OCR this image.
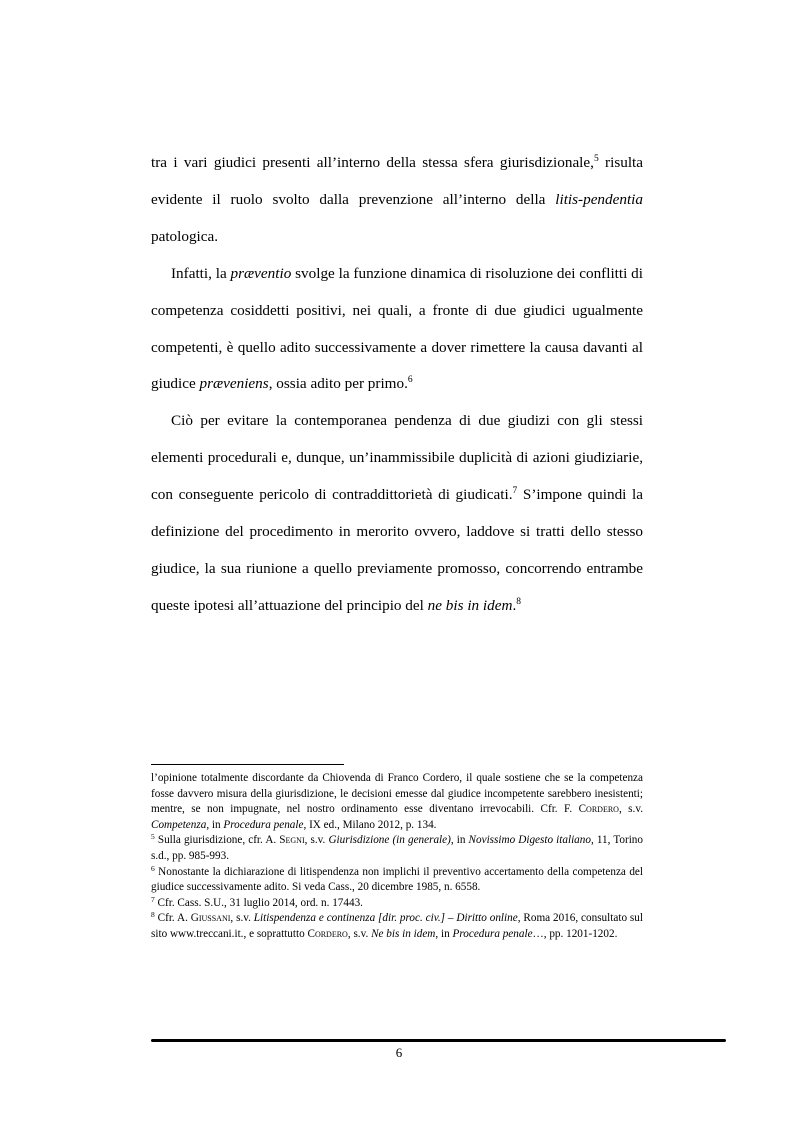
tra i vari giudici presenti all’interno della stessa sfera giurisdizionale,$^5$ risulta evidente il ruolo svolto dalla prevenzione all’interno della litis-pendentia patologica.

Infatti, la præventio svolge la funzione dinamica di risoluzione dei conflitti di competenza cosiddetti positivi, nei quali, a fronte di due giudici ugualmente competenti, è quello adito successivamente a dover rimettere la causa davanti al giudice præveniens, ossia adito per primo.$^6$

Ciò per evitare la contemporanea pendenza di due giudizi con gli stessi elementi procedurali e, dunque, un’inammissibile duplicità di azioni giudiziarie, con conseguente pericolo di contraddittorietà di giudicati.$^7$ S’impone quindi la definizione del procedimento in merorito ovvero, laddove si tratti dello stesso giudice, la sua riunione a quello previamente promosso, concorrendo entrambe queste ipotesi all’attuazione del principio del ne bis in idem.$^8$

l’opinione totalmente discordante da Chiovenda di Franco Cordero, il quale sostiene che se la competenza fosse davvero misura della giurisdizione, le decisioni emesse dal giudice incompetente sarebbero inesistenti; mentre, se non impugnate, nel nostro ordinamento esse diventano irrevocabili. Cfr. F. Cordero, s.v. Competenza, in Procedura penale, IX ed., Milano 2012, p. 134.

$^5$ Sulla giurisdizione, cfr. A. Segni, s.v. Giurisdizione (in generale), in Novissimo Digesto italiano, 11, Torino s.d., pp. 985-993.

$^6$ Nonostante la dichiarazione di litispendenza non implichi il preventivo accertamento della competenza del giudice successivamente adito. Si veda Cass., 20 dicembre 1985, n. 6558.

$^7$ Cfr. Cass. S.U., 31 luglio 2014, ord. n. 17443.

$^8$ Cfr. A. Giussani, s.v. Litispendenza e continenza [dir. proc. civ.] – Diritto online, Roma 2016, consultato sul sito www.treccani.it., e soprattutto Cordero, s.v. Ne bis in idem, in Procedura penale…, pp. 1201-1202.

6
